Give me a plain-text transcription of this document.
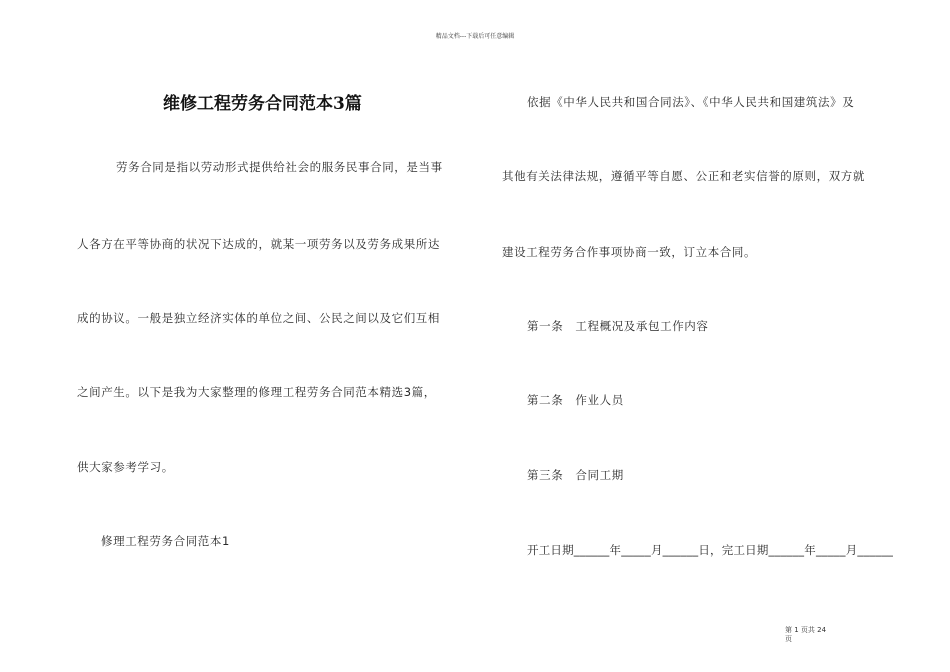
精品文档---下载后可任意编辑
维修工程劳务合同范本3篇
劳务合同是指以劳动形式提供给社会的服务民事合同，是当事
人各方在平等协商的状况下达成的，就某一项劳务以及劳务成果所达
成的协议。一般是独立经济实体的单位之间、公民之间以及它们互相
之间产生。以下是我为大家整理的修理工程劳务合同范本精选3篇，
供大家参考学习。
修理工程劳务合同范本1
依据《中华人民共和国合同法》、《中华人民共和国建筑法》及
其他有关法律法规，遵循平等自愿、公正和老实信誉的原则，双方就
建设工程劳务合作事项协商一致，订立本合同。
第一条　工程概况及承包工作内容
第二条　作业人员
第三条　合同工期
开工日期______年_____月______日，完工日期______年_____月______
第 1 页共 24
页
